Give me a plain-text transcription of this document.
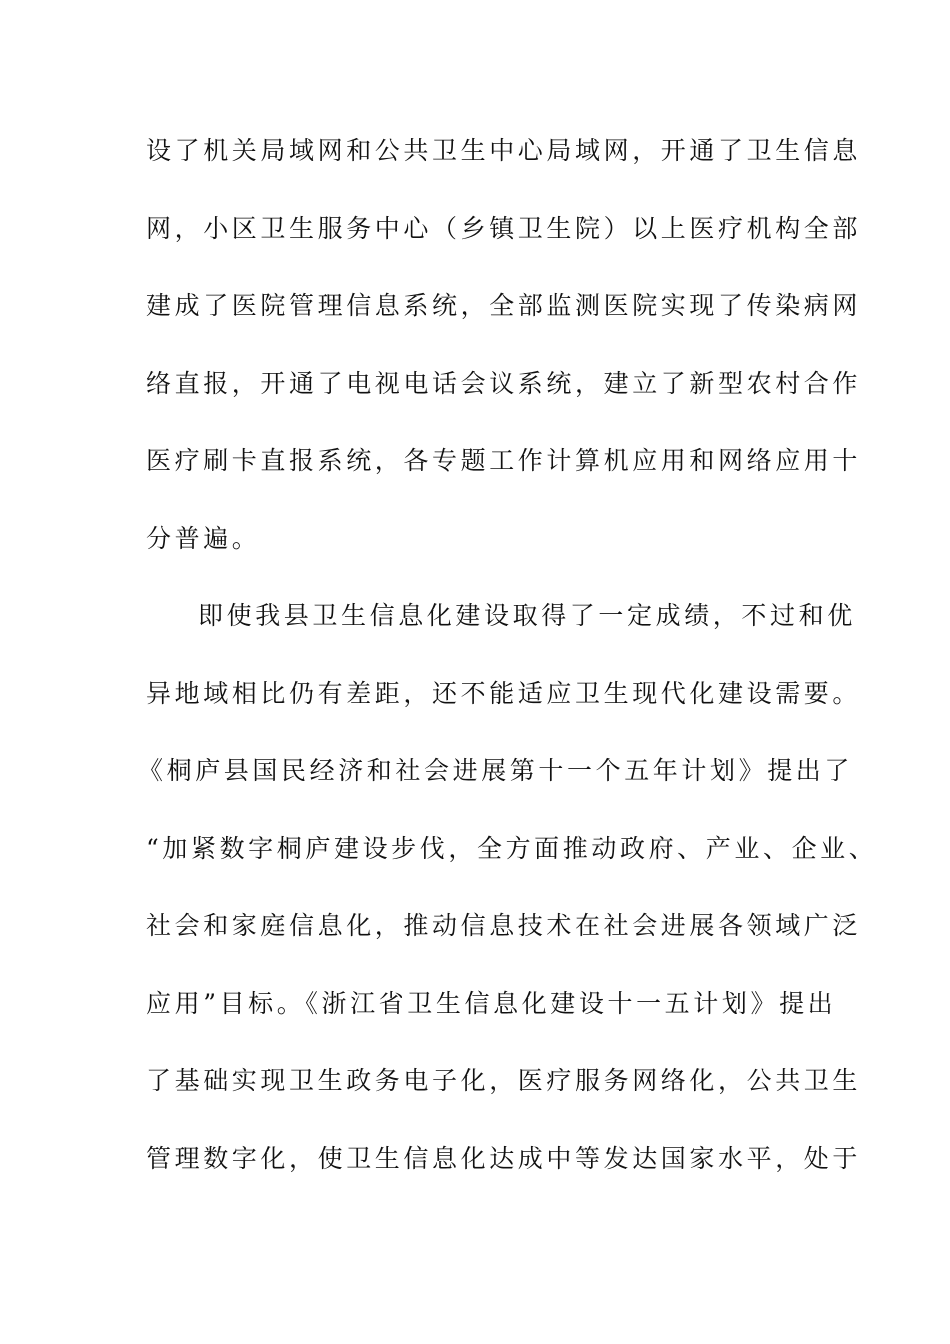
设了机关局域网和公共卫生中心局域网，开通了卫生信息
网，小区卫生服务中心（乡镇卫生院）以上医疗机构全部
建成了医院管理信息系统，全部监测医院实现了传染病网
络直报，开通了电视电话会议系统，建立了新型农村合作
医疗刷卡直报系统，各专题工作计算机应用和网络应用十
分普遍。
即使我县卫生信息化建设取得了一定成绩，不过和优
异地域相比仍有差距，还不能适应卫生现代化建设需要。
《桐庐县国民经济和社会进展第十一个五年计划》提出了
“加紧数字桐庐建设步伐，全方面推动政府、产业、企业、
社会和家庭信息化，推动信息技术在社会进展各领域广泛
应用”目标。《浙江省卫生信息化建设十一五计划》提出
了基础实现卫生政务电子化，医疗服务网络化，公共卫生
管理数字化，使卫生信息化达成中等发达国家水平，处于
